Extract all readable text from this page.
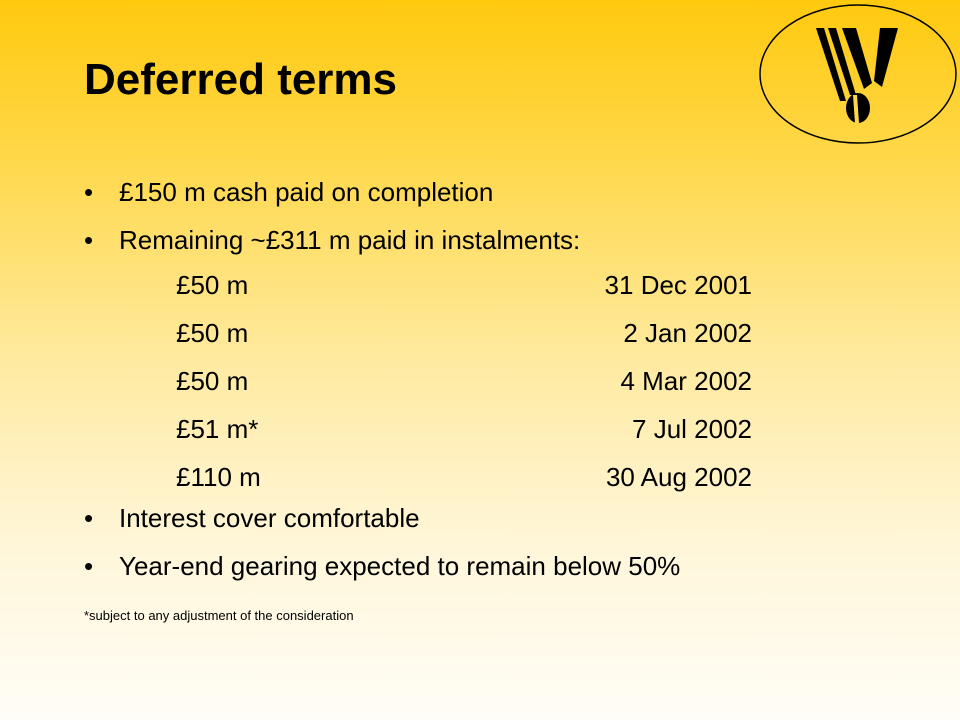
Deferred terms
• £150 m cash paid on completion
• Remaining ~£311 m paid in instalments:
£50 m	31 Dec 2001
£50 m	2 Jan 2002
£50 m	4 Mar 2002
£51 m*	7 Jul 2002
£110 m	30 Aug 2002
• Interest cover comfortable
• Year-end gearing expected to remain below 50%
*subject to any adjustment of the consideration
